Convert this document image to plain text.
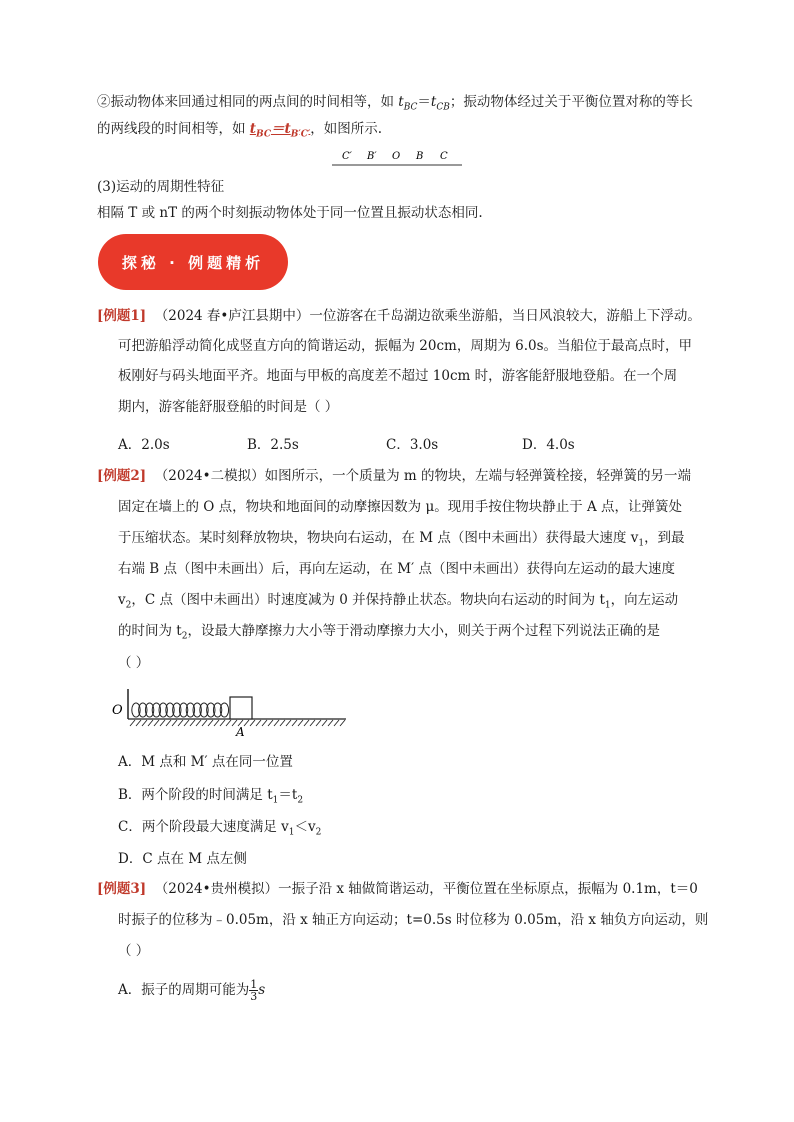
②振动物体来回通过相同的两点间的时间相等，如 $t_{BC}=t_{CB}$；振动物体经过关于平衡位置对称的等长
的两线段的时间相等，如 $t_{BC}=t_{B'C'}$，如图所示.
C′ B′ O B C
(3)运动的周期性特征
相隔 T 或 nT 的两个时刻振动物体处于同一位置且振动状态相同.
探秘 · 例题精析
[例题1] （2024 春•庐江县期中）一位游客在千岛湖边欲乘坐游船，当日风浪较大，游船上下浮动。
可把游船浮动简化成竖直方向的简谐运动，振幅为 20cm，周期为 6.0s。当船位于最高点时，甲
板刚好与码头地面平齐。地面与甲板的高度差不超过 10cm 时，游客能舒服地登船。在一个周
期内，游客能舒服登船的时间是（ ）
A．2.0s	B．2.5s	C．3.0s	D．4.0s
[例题2] （2024•二模拟）如图所示，一个质量为 m 的物块，左端与轻弹簧栓接，轻弹簧的另一端
固定在墙上的 O 点，物块和地面间的动摩擦因数为 μ。现用手按住物块静止于 A 点，让弹簧处
于压缩状态。某时刻释放物块，物块向右运动，在 M 点（图中未画出）获得最大速度 $v_1$，到最
右端 B 点（图中未画出）后，再向左运动，在 M′ 点（图中未画出）获得向左运动的最大速度
$v_2$，C 点（图中未画出）时速度减为 0 并保持静止状态。物块向右运动的时间为 $t_1$，向左运动
的时间为 $t_2$，设最大静摩擦力大小等于滑动摩擦力大小，则关于两个过程下列说法正确的是
（ ）
O
A
A．M 点和 M′ 点在同一位置
B．两个阶段的时间满足 $t_1=t_2$
C．两个阶段最大速度满足 $v_1<v_2$
D．C 点在 M 点左侧
[例题3] （2024•贵州模拟）一振子沿 x 轴做简谐运动，平衡位置在坐标原点，振幅为 0.1m，t＝0
时振子的位移为﹣0.05m，沿 x 轴正方向运动；t=0.5s 时位移为 0.05m，沿 x 轴负方向运动，则
（ ）
A．振子的周期可能为 $\frac{1}{3}$ s
